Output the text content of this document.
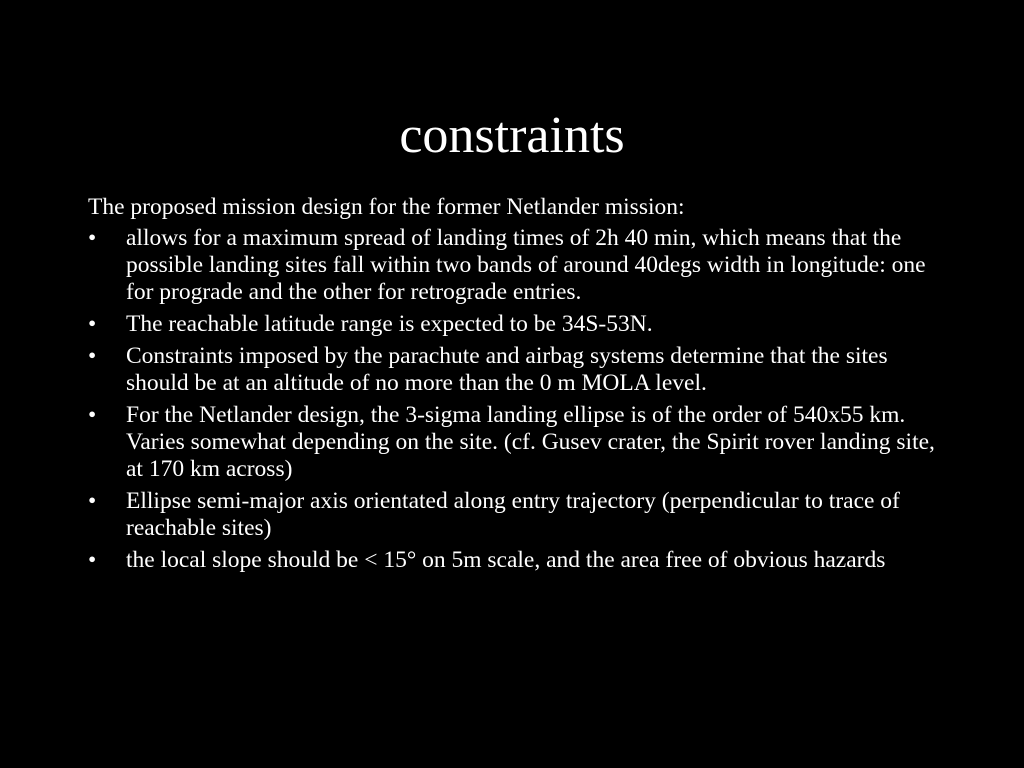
constraints

The proposed mission design for the former Netlander mission:

•	allows for a maximum spread of landing times of 2h 40 min, which means that the possible landing sites fall within two bands of around 40degs width in longitude: one for prograde and the other for retrograde entries.
•	The reachable latitude range is expected to be 34S-53N.
•	Constraints imposed by the parachute and airbag systems determine that the sites should be at an altitude of no more than the 0 m MOLA level.
•	For the Netlander design, the 3-sigma landing ellipse is of the order of 540x55 km. Varies somewhat depending on the site. (cf. Gusev crater, the Spirit rover landing site, at 170 km across)
•	Ellipse semi-major axis orientated along entry trajectory (perpendicular to trace of reachable sites)
•	the local slope should be < 15° on 5m scale, and the area free of obvious hazards
